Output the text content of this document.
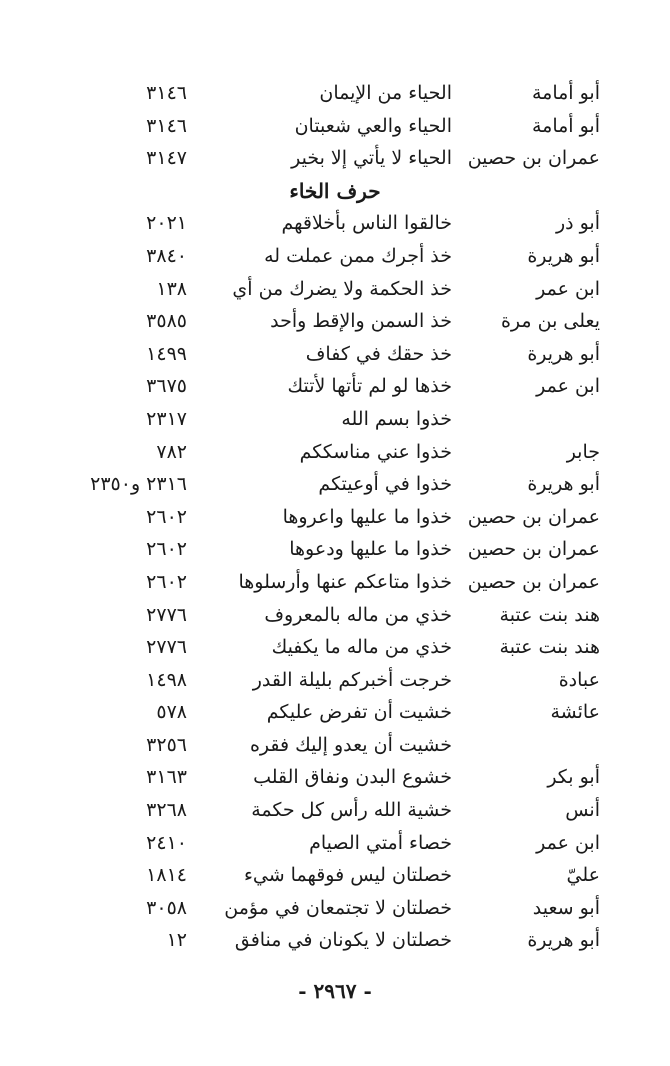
أبو أمامة
الحياء من الإيمان
٣١٤٦
أبو أمامة
الحياء والعي شعبتان
٣١٤٦
عمران بن حصين
الحياء لا يأتي إلا بخير
٣١٤٧
حرف الخاء
أبو ذر
خالقوا الناس بأخلاقهم
٢٠٢١
أبو هريرة
خذ أجرك ممن عملت له
٣٨٤٠
ابن عمر
خذ الحكمة ولا يضرك من أي
١٣٨
يعلى بن مرة
خذ السمن والإقط وأحد
٣٥٨٥
أبو هريرة
خذ حقك في كفاف
١٤٩٩
ابن عمر
خذها لو لم تأتها لأتتك
٣٦٧٥
خذوا بسم الله
٢٣١٧
جابر
خذوا عني مناسككم
٧٨٢
أبو هريرة
خذوا في أوعيتكم
٢٣١٦ و٢٣٥٠
عمران بن حصين
خذوا ما عليها واعروها
٢٦٠٢
عمران بن حصين
خذوا ما عليها ودعوها
٢٦٠٢
عمران بن حصين
خذوا متاعكم عنها وأرسلوها
٢٦٠٢
هند بنت عتبة
خذي من ماله بالمعروف
٢٧٧٦
هند بنت عتبة
خذي من ماله ما يكفيك
٢٧٧٦
عبادة
خرجت أخبركم بليلة القدر
١٤٩٨
عائشة
خشيت أن تفرض عليكم
٥٧٨
خشيت أن يعدو إليك فقره
٣٢٥٦
أبو بكر
خشوع البدن ونفاق القلب
٣١٦٣
أنس
خشية الله رأس كل حكمة
٣٢٦٨
ابن عمر
خصاء أمتي الصيام
٢٤١٠
عليّ
خصلتان ليس فوقهما شيء
١٨١٤
أبو سعيد
خصلتان لا تجتمعان في مؤمن
٣٠٥٨
أبو هريرة
خصلتان لا يكونان في منافق
١٢
- ٢٩٦٧ -
